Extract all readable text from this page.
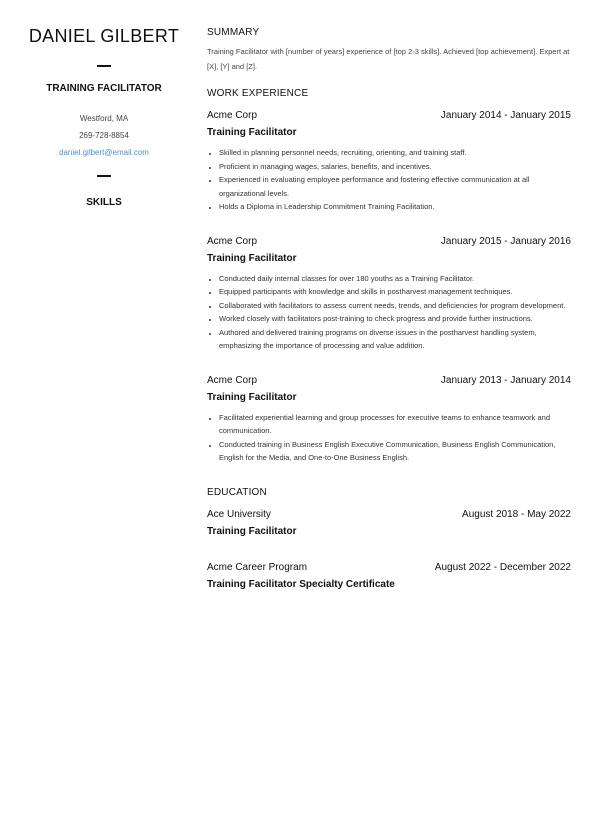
DANIEL GILBERT
TRAINING FACILITATOR
Westford, MA
269-728-8854
daniel.gilbert@email.com
SKILLS
SUMMARY
Training Facilitator with [number of years] experience of [top 2-3 skills]. Achieved [top achievement]. Expert at [X], [Y] and [Z].
WORK EXPERIENCE
Acme Corp	January 2014 - January 2015
Training Facilitator
• Skilled in planning personnel needs, recruiting, orienting, and training staff.
• Proficient in managing wages, salaries, benefits, and incentives.
• Experienced in evaluating employee performance and fostering effective communication at all organizational levels.
• Holds a Diploma in Leadership Commitment Training Facilitation.
Acme Corp	January 2015 - January 2016
Training Facilitator
• Conducted daily internal classes for over 180 youths as a Training Facilitator.
• Equipped participants with knowledge and skills in postharvest management techniques.
• Collaborated with facilitators to assess current needs, trends, and deficiencies for program development.
• Worked closely with facilitators post-training to check progress and provide further instructions.
• Authored and delivered training programs on diverse issues in the postharvest handling system, emphasizing the importance of processing and value addition.
Acme Corp	January 2013 - January 2014
Training Facilitator
• Facilitated experiential learning and group processes for executive teams to enhance teamwork and communication.
• Conducted training in Business English Executive Communication, Business English Communication, English for the Media, and One-to-One Business English.
EDUCATION
Ace University	August 2018 - May 2022
Training Facilitator
Acme Career Program	August 2022 - December 2022
Training Facilitator Specialty Certificate
